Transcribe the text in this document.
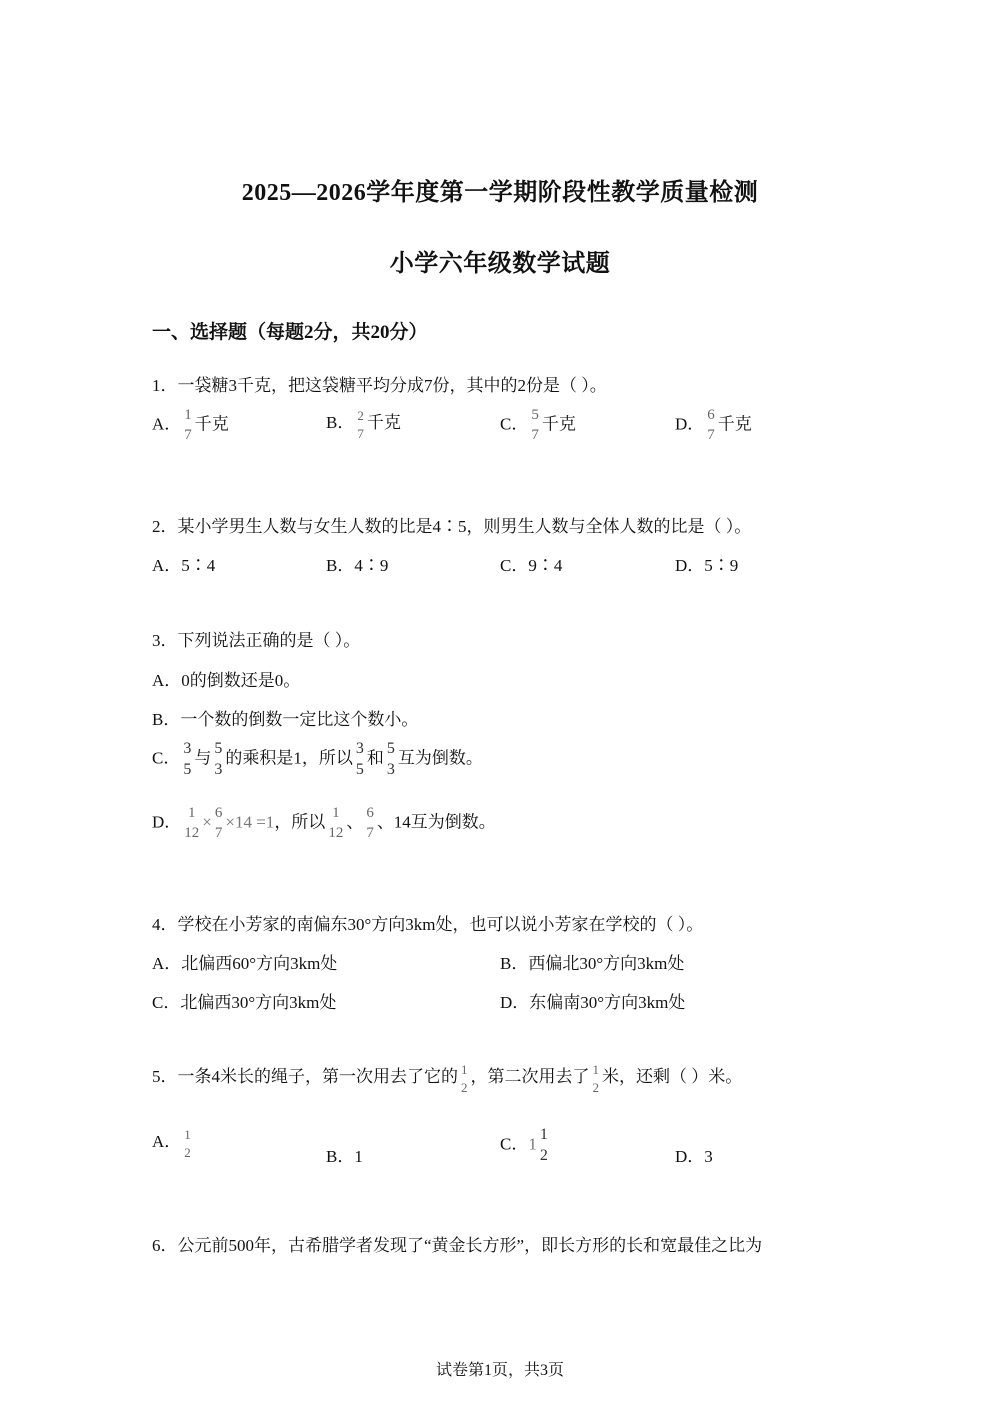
2025—2026学年度第一学期阶段性教学质量检测
小学六年级数学试题
一、选择题（每题2分，共20分）
1．一袋糖3千克，把这袋糖平均分成7份，其中的2份是（ ）。
A． 1
7
千克	B． 2
7
千克	C． 5
7
千克	D． 6
7
千克
2．某小学男生人数与女生人数的比是4∶5，则男生人数与全体人数的比是（ ）。
A．5∶4	B．4∶9	C．9∶4	D．5∶9
3．下列说法正确的是（ ）。
A．0的倒数还是0。
B．一个数的倒数一定比这个数小。
C． 3
5
与 5
3
的乘积是1，所以 3
5
和 5
3
互为倒数。
D． 1
12
× 6
7
×14 =1，所以 1
12
、 6
7
、14互为倒数。
4．学校在小芳家的南偏东30°方向3km处，也可以说小芳家在学校的（ ）。
A．北偏西60°方向3km处	B．西偏北30°方向3km处
C．北偏西30°方向3km处	D．东偏南30°方向3km处
5．一条4米长的绳子，第一次用去了它的 1
2
，第二次用去了 1
2
米，还剩（ ）米。
A． 1
2	B．1
C．1 1
2	D．3
6．公元前500年，古希腊学者发现了“黄金长方形”，即长方形的长和宽最佳之比为
试卷第1页，共3页
